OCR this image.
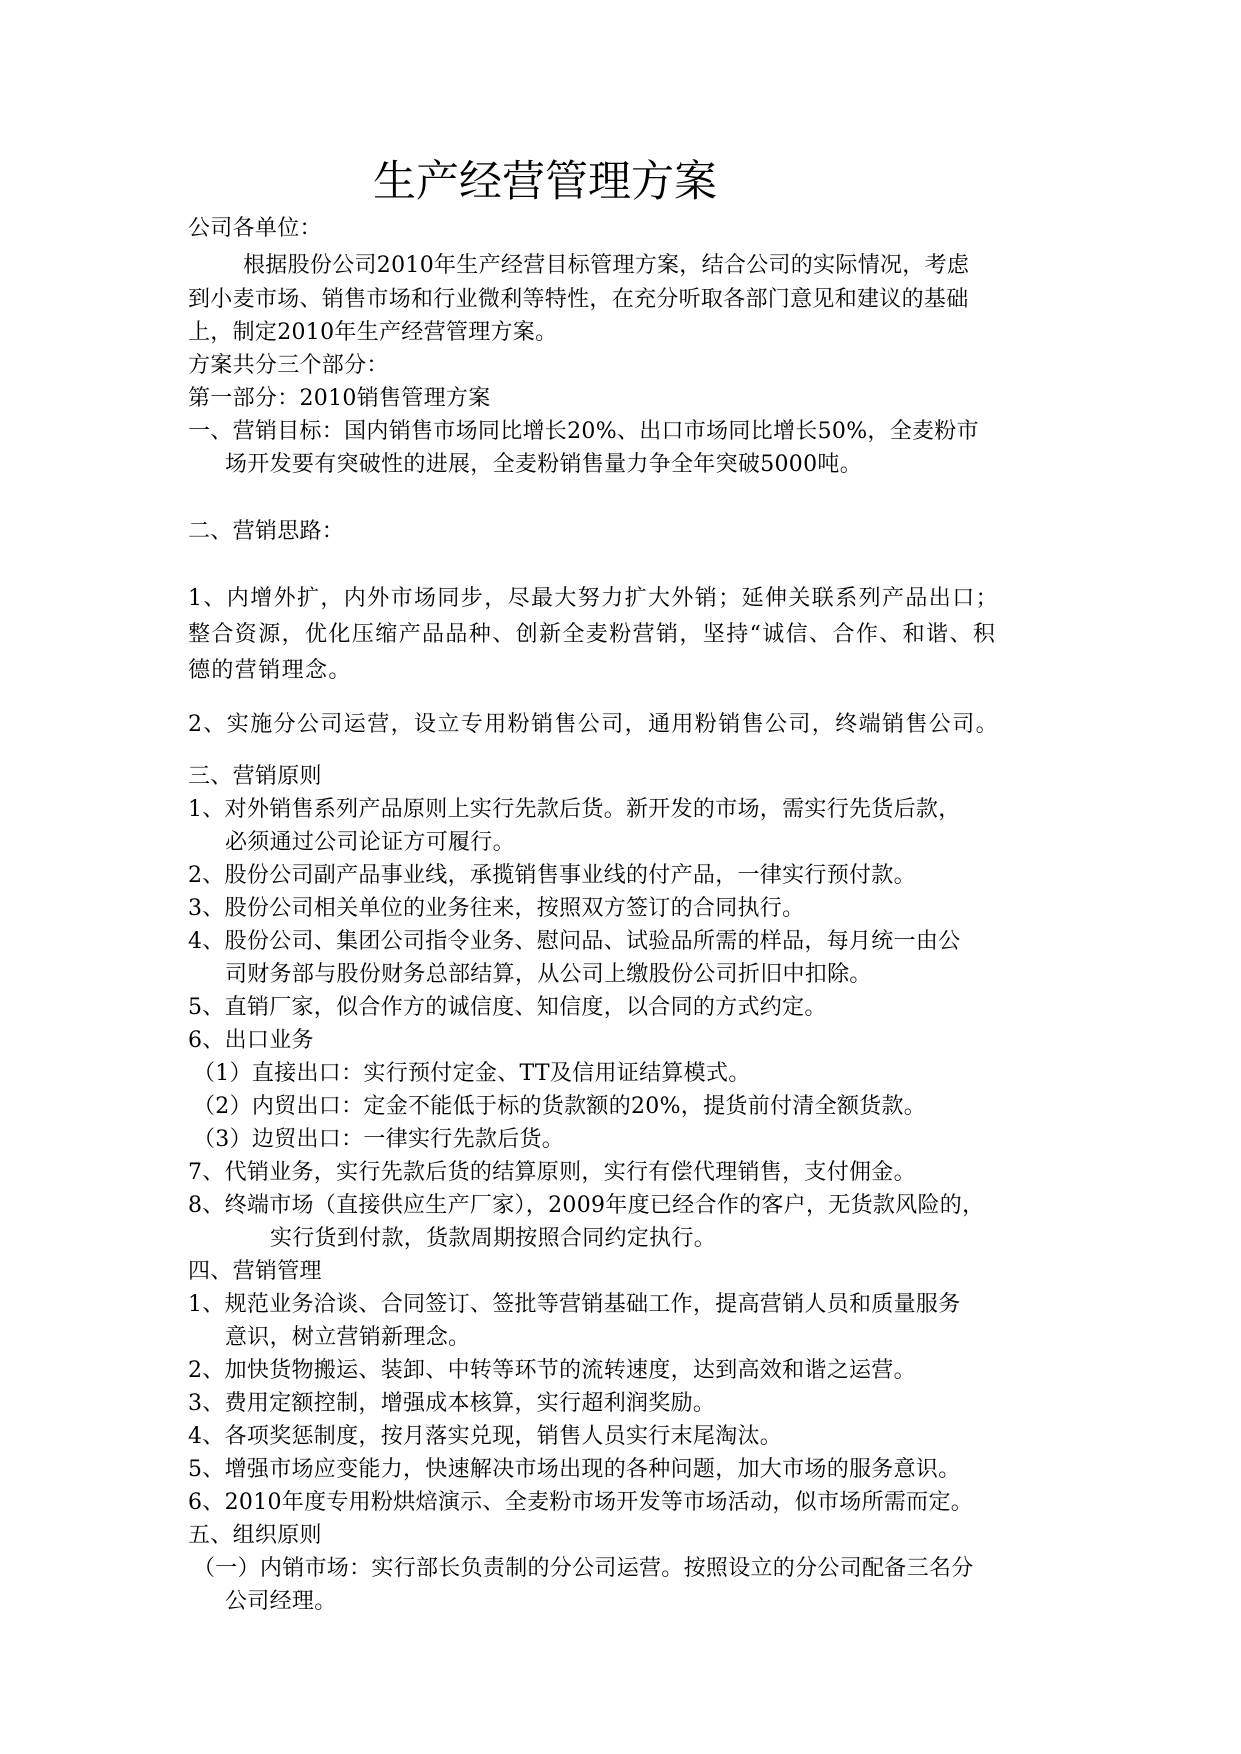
生产经营管理方案
公司各单位：
根据股份公司2010年生产经营目标管理方案，结合公司的实际情况，考虑
到小麦市场、销售市场和行业微利等特性，在充分听取各部门意见和建议的基础
上，制定2010年生产经营管理方案。
方案共分三个部分：
第一部分：2010销售管理方案
一、营销目标：国内销售市场同比增长20%、出口市场同比增长50%，全麦粉市
场开发要有突破性的进展，全麦粉销售量力争全年突破5000吨。
二、营销思路：
1、内增外扩，内外市场同步，尽最大努力扩大外销；延伸关联系列产品出口；
整合资源，优化压缩产品品种、创新全麦粉营销，坚持“诚信、合作、和谐、积
德的营销理念。
2、实施分公司运营，设立专用粉销售公司，通用粉销售公司，终端销售公司。
三、营销原则
1、对外销售系列产品原则上实行先款后货。新开发的市场，需实行先货后款，
必须通过公司论证方可履行。
2、股份公司副产品事业线，承揽销售事业线的付产品，一律实行预付款。
3、股份公司相关单位的业务往来，按照双方签订的合同执行。
4、股份公司、集团公司指令业务、慰问品、试验品所需的样品，每月统一由公
司财务部与股份财务总部结算，从公司上缴股份公司折旧中扣除。
5、直销厂家，似合作方的诚信度、知信度，以合同的方式约定。
6、出口业务
（1）直接出口：实行预付定金、TT及信用证结算模式。
（2）内贸出口：定金不能低于标的货款额的20%，提货前付清全额货款。
（3）边贸出口：一律实行先款后货。
7、代销业务，实行先款后货的结算原则，实行有偿代理销售，支付佣金。
8、终端市场（直接供应生产厂家），2009年度已经合作的客户，无货款风险的，
实行货到付款，货款周期按照合同约定执行。
四、营销管理
1、规范业务洽谈、合同签订、签批等营销基础工作，提高营销人员和质量服务
意识，树立营销新理念。
2、加快货物搬运、装卸、中转等环节的流转速度，达到高效和谐之运营。
3、费用定额控制，增强成本核算，实行超利润奖励。
4、各项奖惩制度，按月落实兑现，销售人员实行末尾淘汰。
5、增强市场应变能力，快速解决市场出现的各种问题，加大市场的服务意识。
6、2010年度专用粉烘焙演示、全麦粉市场开发等市场活动，似市场所需而定。
五、组织原则
（一）内销市场：实行部长负责制的分公司运营。按照设立的分公司配备三名分
公司经理。
